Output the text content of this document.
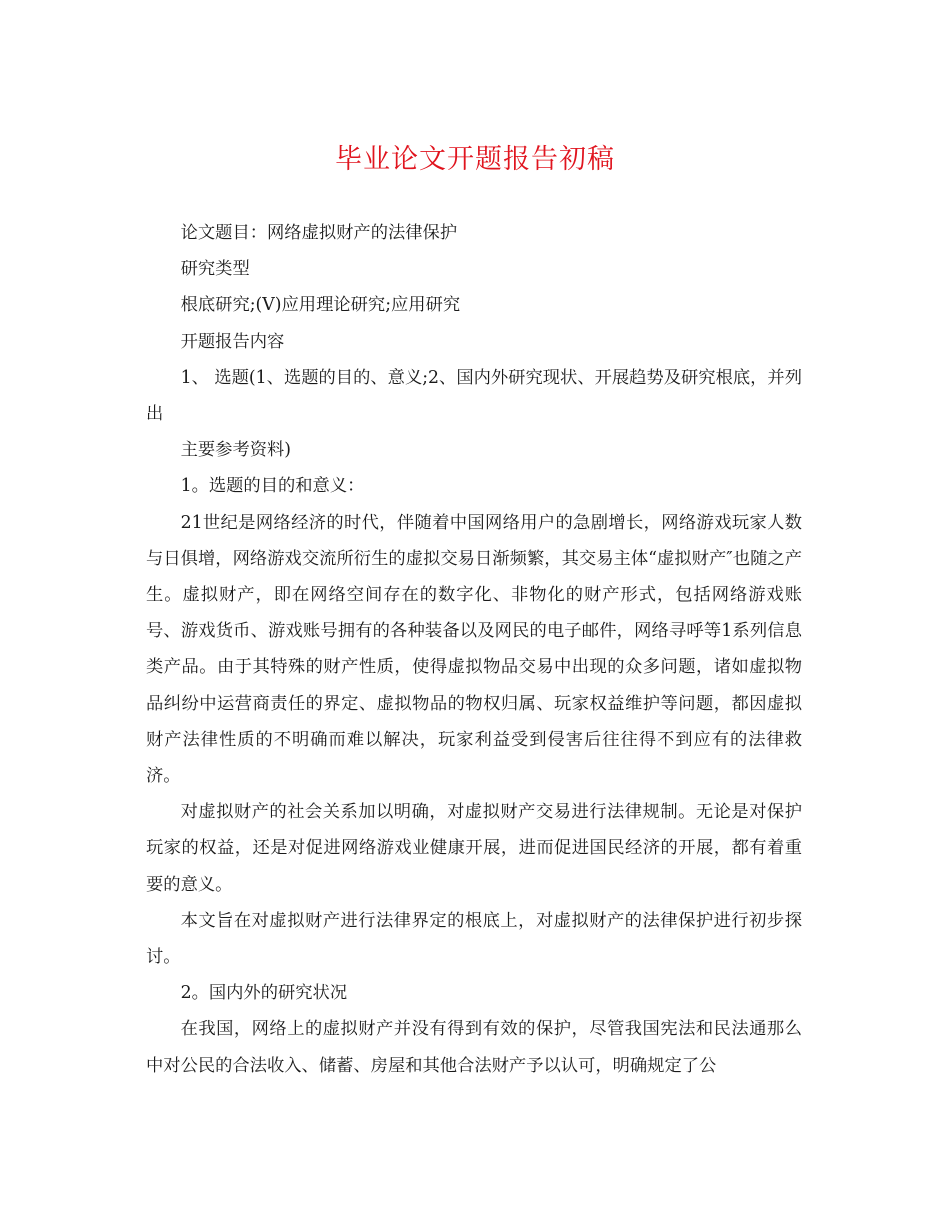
毕业论文开题报告初稿

论文题目：网络虚拟财产的法律保护

研究类型

根底研究;(V)应用理论研究;应用研究

开题报告内容

1、 选题(1、选题的目的、意义;2、国内外研究现状、开展趋势及研究根底，并列出

主要参考资料)

1。选题的目的和意义：

21世纪是网络经济的时代，伴随着中国网络用户的急剧增长，网络游戏玩家人数与日俱增，网络游戏交流所衍生的虚拟交易日渐频繁，其交易主体“虚拟财产″也随之产生。虚拟财产，即在网络空间存在的数字化、非物化的财产形式，包括网络游戏账号、游戏货币、游戏账号拥有的各种装备以及网民的电子邮件，网络寻呼等1系列信息类产品。由于其特殊的财产性质，使得虚拟物品交易中出现的众多问题，诸如虚拟物品纠纷中运营商责任的界定、虚拟物品的物权归属、玩家权益维护等问题，都因虚拟财产法律性质的不明确而难以解决，玩家利益受到侵害后往往得不到应有的法律救济。

对虚拟财产的社会关系加以明确，对虚拟财产交易进行法律规制。无论是对保护玩家的权益，还是对促进网络游戏业健康开展，进而促进国民经济的开展，都有着重要的意义。

本文旨在对虚拟财产进行法律界定的根底上，对虚拟财产的法律保护进行初步探讨。

2。国内外的研究状况

在我国，网络上的虚拟财产并没有得到有效的保护，尽管我国宪法和民法通那么中对公民的合法收入、储蓄、房屋和其他合法财产予以认可，明确规定了公
